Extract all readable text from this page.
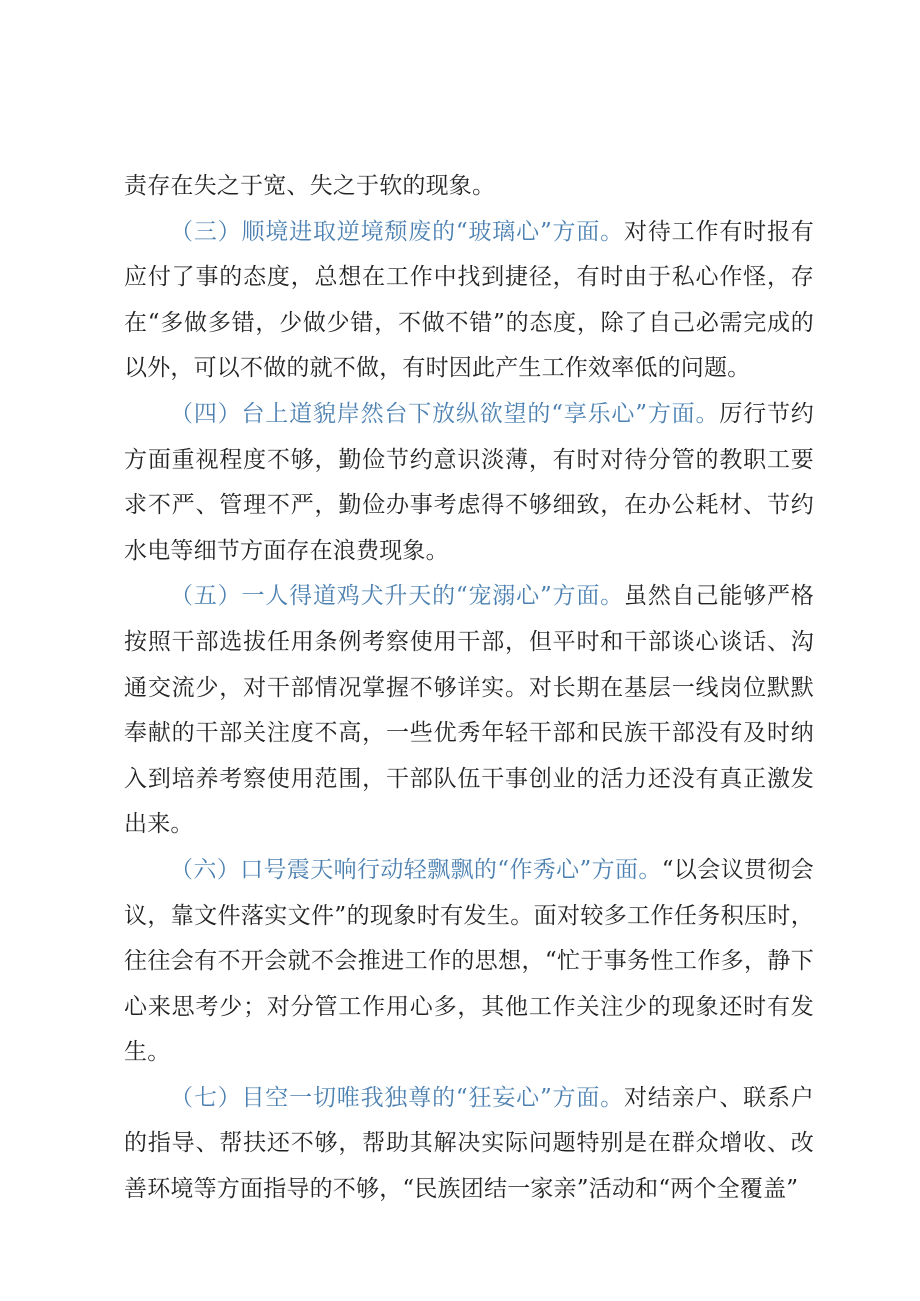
责存在失之于宽、失之于软的现象。

（三）顺境进取逆境颓废的“玻璃心”方面。对待工作有时报有应付了事的态度，总想在工作中找到捷径，有时由于私心作怪，存在“多做多错，少做少错，不做不错”的态度，除了自己必需完成的以外，可以不做的就不做，有时因此产生工作效率低的问题。

（四）台上道貌岸然台下放纵欲望的“享乐心”方面。厉行节约方面重视程度不够，勤俭节约意识淡薄，有时对待分管的教职工要求不严、管理不严，勤俭办事考虑得不够细致，在办公耗材、节约水电等细节方面存在浪费现象。

（五）一人得道鸡犬升天的“宠溺心”方面。虽然自己能够严格按照干部选拔任用条例考察使用干部，但平时和干部谈心谈话、沟通交流少，对干部情况掌握不够详实。对长期在基层一线岗位默默奉献的干部关注度不高，一些优秀年轻干部和民族干部没有及时纳入到培养考察使用范围，干部队伍干事创业的活力还没有真正激发出来。

（六）口号震天响行动轻飘飘的“作秀心”方面。“以会议贯彻会议，靠文件落实文件”的现象时有发生。面对较多工作任务积压时，往往会有不开会就不会推进工作的思想，“忙于事务性工作多，静下心来思考少；对分管工作用心多，其他工作关注少的现象还时有发生。

（七）目空一切唯我独尊的“狂妄心”方面。对结亲户、联系户的指导、帮扶还不够，帮助其解决实际问题特别是在群众增收、改善环境等方面指导的不够，“民族团结一家亲”活动和“两个全覆盖”
